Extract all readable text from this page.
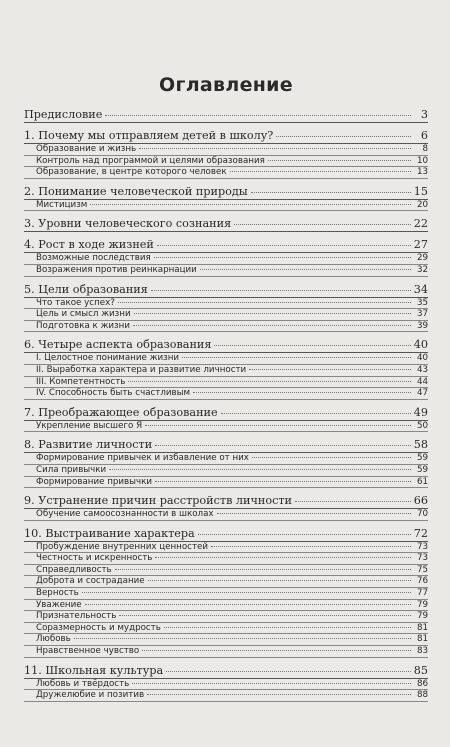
Оглавление
Предисловие	3
1. Почему мы отправляем детей в школу?	6
Образование и жизнь	8
Контроль над программой и целями образования	10
Образование, в центре которого человек	13
2. Понимание человеческой природы	15
Мистицизм	20
3. Уровни человеческого сознания	22
4. Рост в ходе жизней	27
Возможные последствия	29
Возражения против реинкарнации	32
5. Цели образования	34
Что такое успех?	35
Цель и смысл жизни	37
Подготовка к жизни	39
6. Четыре аспекта образования	40
I. Целостное понимание жизни	40
II. Выработка характера и развитие личности	43
III. Компетентность	44
IV. Способность быть счастливым	47
7. Преображающее образование	49
Укрепление высшего Я	50
8. Развитие личности	58
Формирование привычек и избавление от них	59
Сила привычки	59
Формирование привычки	61
9. Устранение причин расстройств личности	66
Обучение самоосознанности в школах	70
10. Выстраивание характера	72
Пробуждение внутренних ценностей	73
Честность и искренность	73
Справедливость	75
Доброта и сострадание	76
Верность	77
Уважение	79
Признательность	79
Соразмерность и мудрость	81
Любовь	81
Нравственное чувство	83
11. Школьная культура	85
Любовь и твёрдость	86
Дружелюбие и позитив	88
